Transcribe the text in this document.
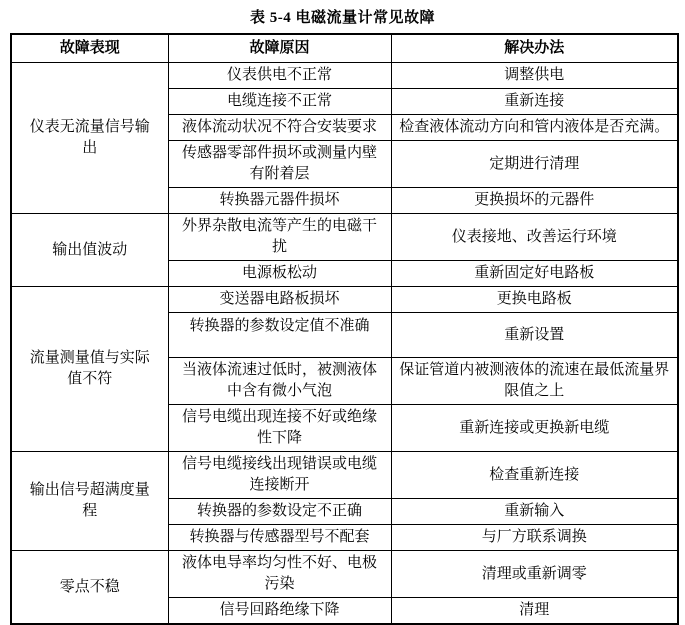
表 5-4 电磁流量计常见故障
故障表现	故障原因	解决办法
仪表无流量信号输出	仪表供电不正常	调整供电
	电缆连接不正常	重新连接
	液体流动状况不符合安装要求	检查液体流动方向和管内液体是否充满。
	传感器零部件损坏或测量内壁有附着层	定期进行清理
	转换器元器件损坏	更换损坏的元器件
输出值波动	外界杂散电流等产生的电磁干扰	仪表接地、改善运行环境
	电源板松动	重新固定好电路板
流量测量值与实际值不符	变送器电路板损坏	更换电路板
	转换器的参数设定值不准确	重新设置
	当液体流速过低时，被测液体中含有微小气泡	保证管道内被测液体的流速在最低流量界限值之上
	信号电缆出现连接不好或绝缘性下降	重新连接或更换新电缆
输出信号超满度量程	信号电缆接线出现错误或电缆连接断开	检查重新连接
	转换器的参数设定不正确	重新输入
	转换器与传感器型号不配套	与厂方联系调换
零点不稳	液体电导率均匀性不好、电极污染	清理或重新调零
	信号回路绝缘下降	清理
